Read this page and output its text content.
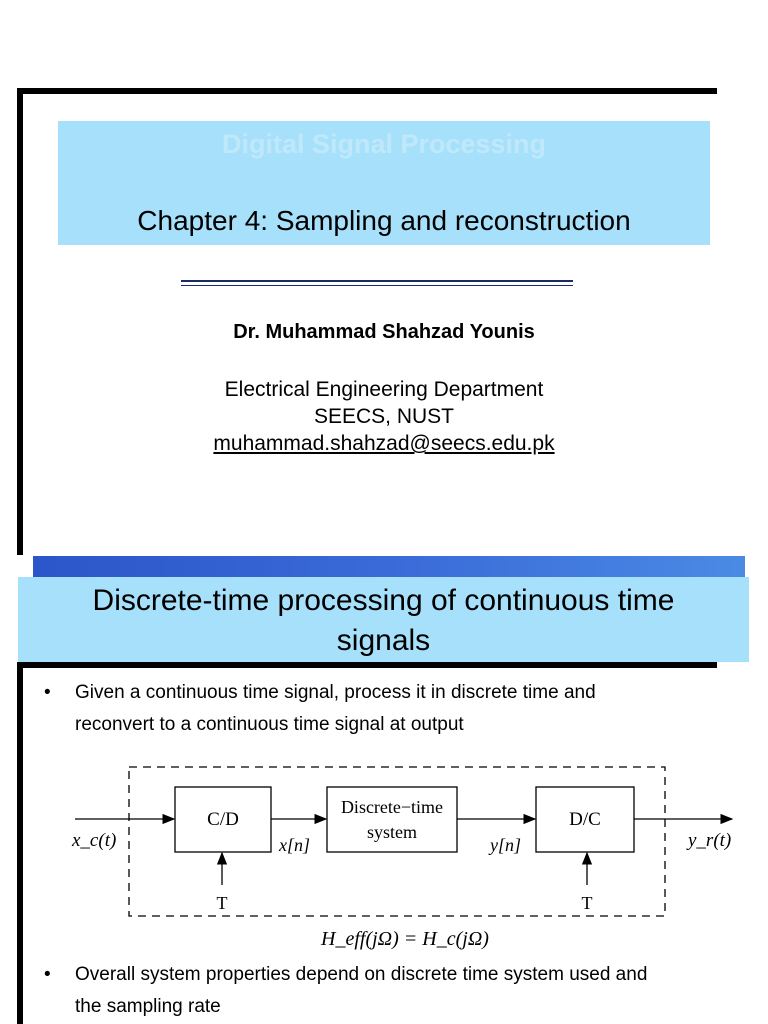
Digital Signal Processing
Chapter 4: Sampling and reconstruction
Dr. Muhammad Shahzad Younis
Electrical Engineering Department
SEECS, NUST
muhammad.shahzad@seecs.edu.pk
Discrete-time processing of continuous time
signals
• Given a continuous time signal, process it in discrete time and
reconvert to a continuous time signal at output
C/D
Discrete−time
system
D/C
x_c(t)	x[n]	y[n]	y_r(t)
T	T
H_eff(jΩ) = H_c(jΩ)
• Overall system properties depend on discrete time system used and
the sampling rate
